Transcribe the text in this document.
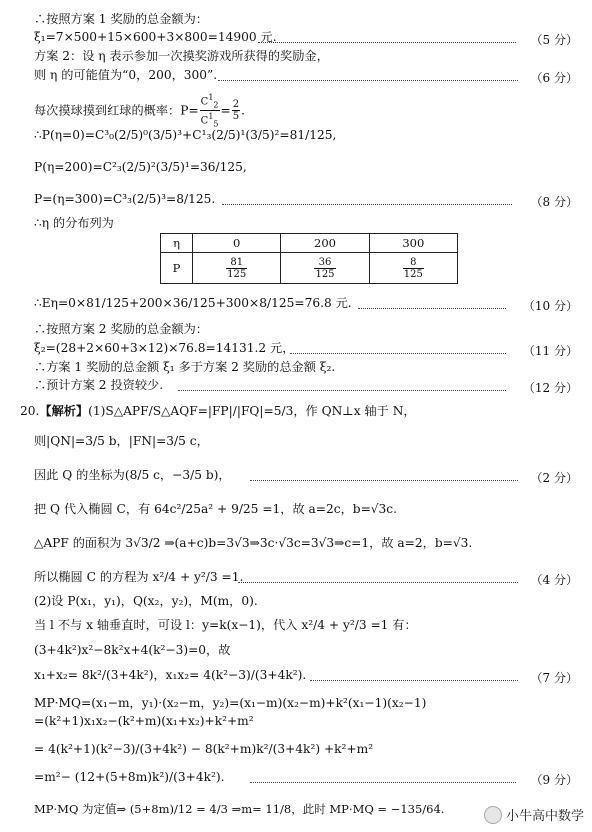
∴按照方案 1 奖励的总金额为：
ξ₁=7×500+15×600+3×800=14900 元.	（5 分）
方案 2：设 η 表示参加一次摸奖游戏所获得的奖励金，
则 η 的可能值为“0，200，300”.	（6 分）
每次摸球摸到红球的概率：$P= \frac{C^1_2}{C^1_5} = \frac{2}{5}$ .
∴P(η=0)=C³₀(2/5)⁰(3/5)³+C¹₃(2/5)¹(3/5)²=81/125,
P(η=200)=C²₃(2/5)²(3/5)¹=36/125,
P=(η=300)=C³₃(2/5)³=8/125.	（8 分）
∴η 的分布列为
η	0	200	300
P	$\frac{81}{125}$	$\frac{36}{125}$	$\frac{8}{125}$
∴Eη=0×81/125+200×36/125+300×8/125=76.8 元.	（10 分）
∴按照方案 2 奖励的总金额为：
ξ₂=(28+2×60+3×12)×76.8=14131.2 元，	（11 分）
∴方案 1 奖励的总金额 ξ₁ 多于方案 2 奖励的总金额 ξ₂.
∴预计方案 2 投资较少.	（12 分）
20.【解析】(1)S△APF/S△AQF=|FP|/|FQ|=5/3，作 QN⊥x 轴于 N，
则|QN|=3/5 b，|FN|=3/5 c，
因此 Q 的坐标为(8/5 c，−3/5 b)，	（2 分）
把 Q 代入椭圆 C，有 64c²/25a² + 9/25 =1，故 a=2c，b=√3c.
△APF 的面积为 3√3/2 ⇒(a+c)b=3√3⇒3c·√3c=3√3⇒c=1，故 a=2，b=√3.
所以椭圆 C 的方程为 x²/4 + y²/3 =1.	（4 分）
(2)设 P(x₁，y₁)，Q(x₂，y₂)，M(m，0).
当 l 不与 x 轴垂直时，可设 l：y=k(x−1)，代入 x²/4 + y²/3 =1 有：
(3+4k²)x²−8k²x+4(k²−3)=0，故
x₁+x₂= 8k²/(3+4k²)，x₁x₂= 4(k²−3)/(3+4k²).	（7 分）
MP·MQ=(x₁−m，y₁)·(x₂−m，y₂)=(x₁−m)(x₂−m)+k²(x₁−1)(x₂−1)
=(k²+1)x₁x₂−(k²+m)(x₁+x₂)+k²+m²
= 4(k²+1)(k²−3)/(3+4k²) − 8(k²+m)k²/(3+4k²) +k²+m²
=m²− (12+(5+8m)k²)/(3+4k²).	（9 分）
MP·MQ 为定值⇒ (5+8m)/12 = 4/3 ⇒m= 11/8，此时 MP·MQ = −135/64.	小牛高中数学
